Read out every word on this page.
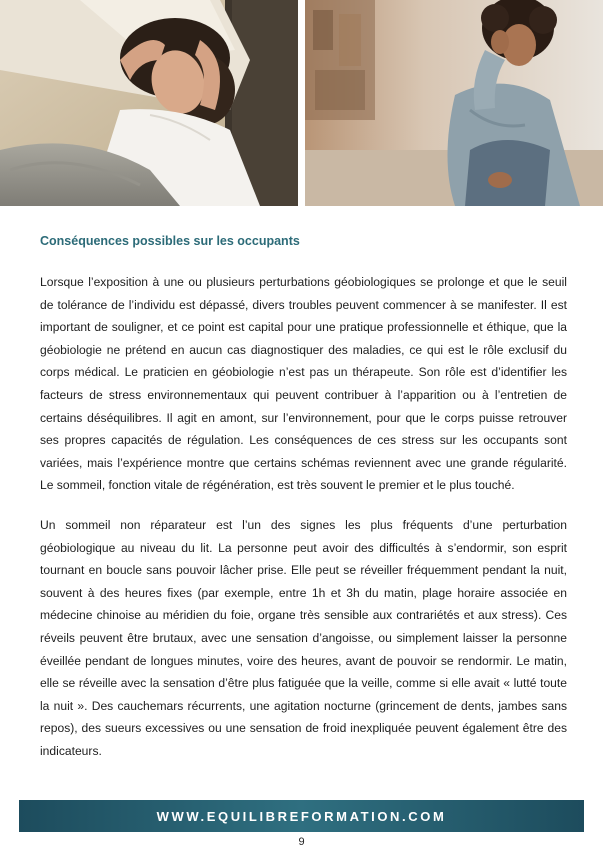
Conséquences possibles sur les occupants

Lorsque l’exposition à une ou plusieurs perturbations géobiologiques se prolonge et que le seuil de tolérance de l’individu est dépassé, divers troubles peuvent commencer à se manifester. Il est important de souligner, et ce point est capital pour une pratique professionnelle et éthique, que la géobiologie ne prétend en aucun cas diagnostiquer des maladies, ce qui est le rôle exclusif du corps médical. Le praticien en géobiologie n’est pas un thérapeute. Son rôle est d’identifier les facteurs de stress environnementaux qui peuvent contribuer à l’apparition ou à l’entretien de certains déséquilibres. Il agit en amont, sur l’environnement, pour que le corps puisse retrouver ses propres capacités de régulation. Les conséquences de ces stress sur les occupants sont variées, mais l’expérience montre que certains schémas reviennent avec une grande régularité. Le sommeil, fonction vitale de régénération, est très souvent le premier et le plus touché.

Un sommeil non réparateur est l’un des signes les plus fréquents d’une perturbation géobiologique au niveau du lit. La personne peut avoir des difficultés à s’endormir, son esprit tournant en boucle sans pouvoir lâcher prise. Elle peut se réveiller fréquemment pendant la nuit, souvent à des heures fixes (par exemple, entre 1h et 3h du matin, plage horaire associée en médecine chinoise au méridien du foie, organe très sensible aux contrariétés et aux stress). Ces réveils peuvent être brutaux, avec une sensation d’angoisse, ou simplement laisser la personne éveillée pendant de longues minutes, voire des heures, avant de pouvoir se rendormir. Le matin, elle se réveille avec la sensation d’être plus fatiguée que la veille, comme si elle avait « lutté toute la nuit ». Des cauchemars récurrents, une agitation nocturne (grincement de dents, jambes sans repos), des sueurs excessives ou une sensation de froid inexpliquée peuvent également être des indicateurs.

WWW.EQUILIBREFORMATION.COM
9
